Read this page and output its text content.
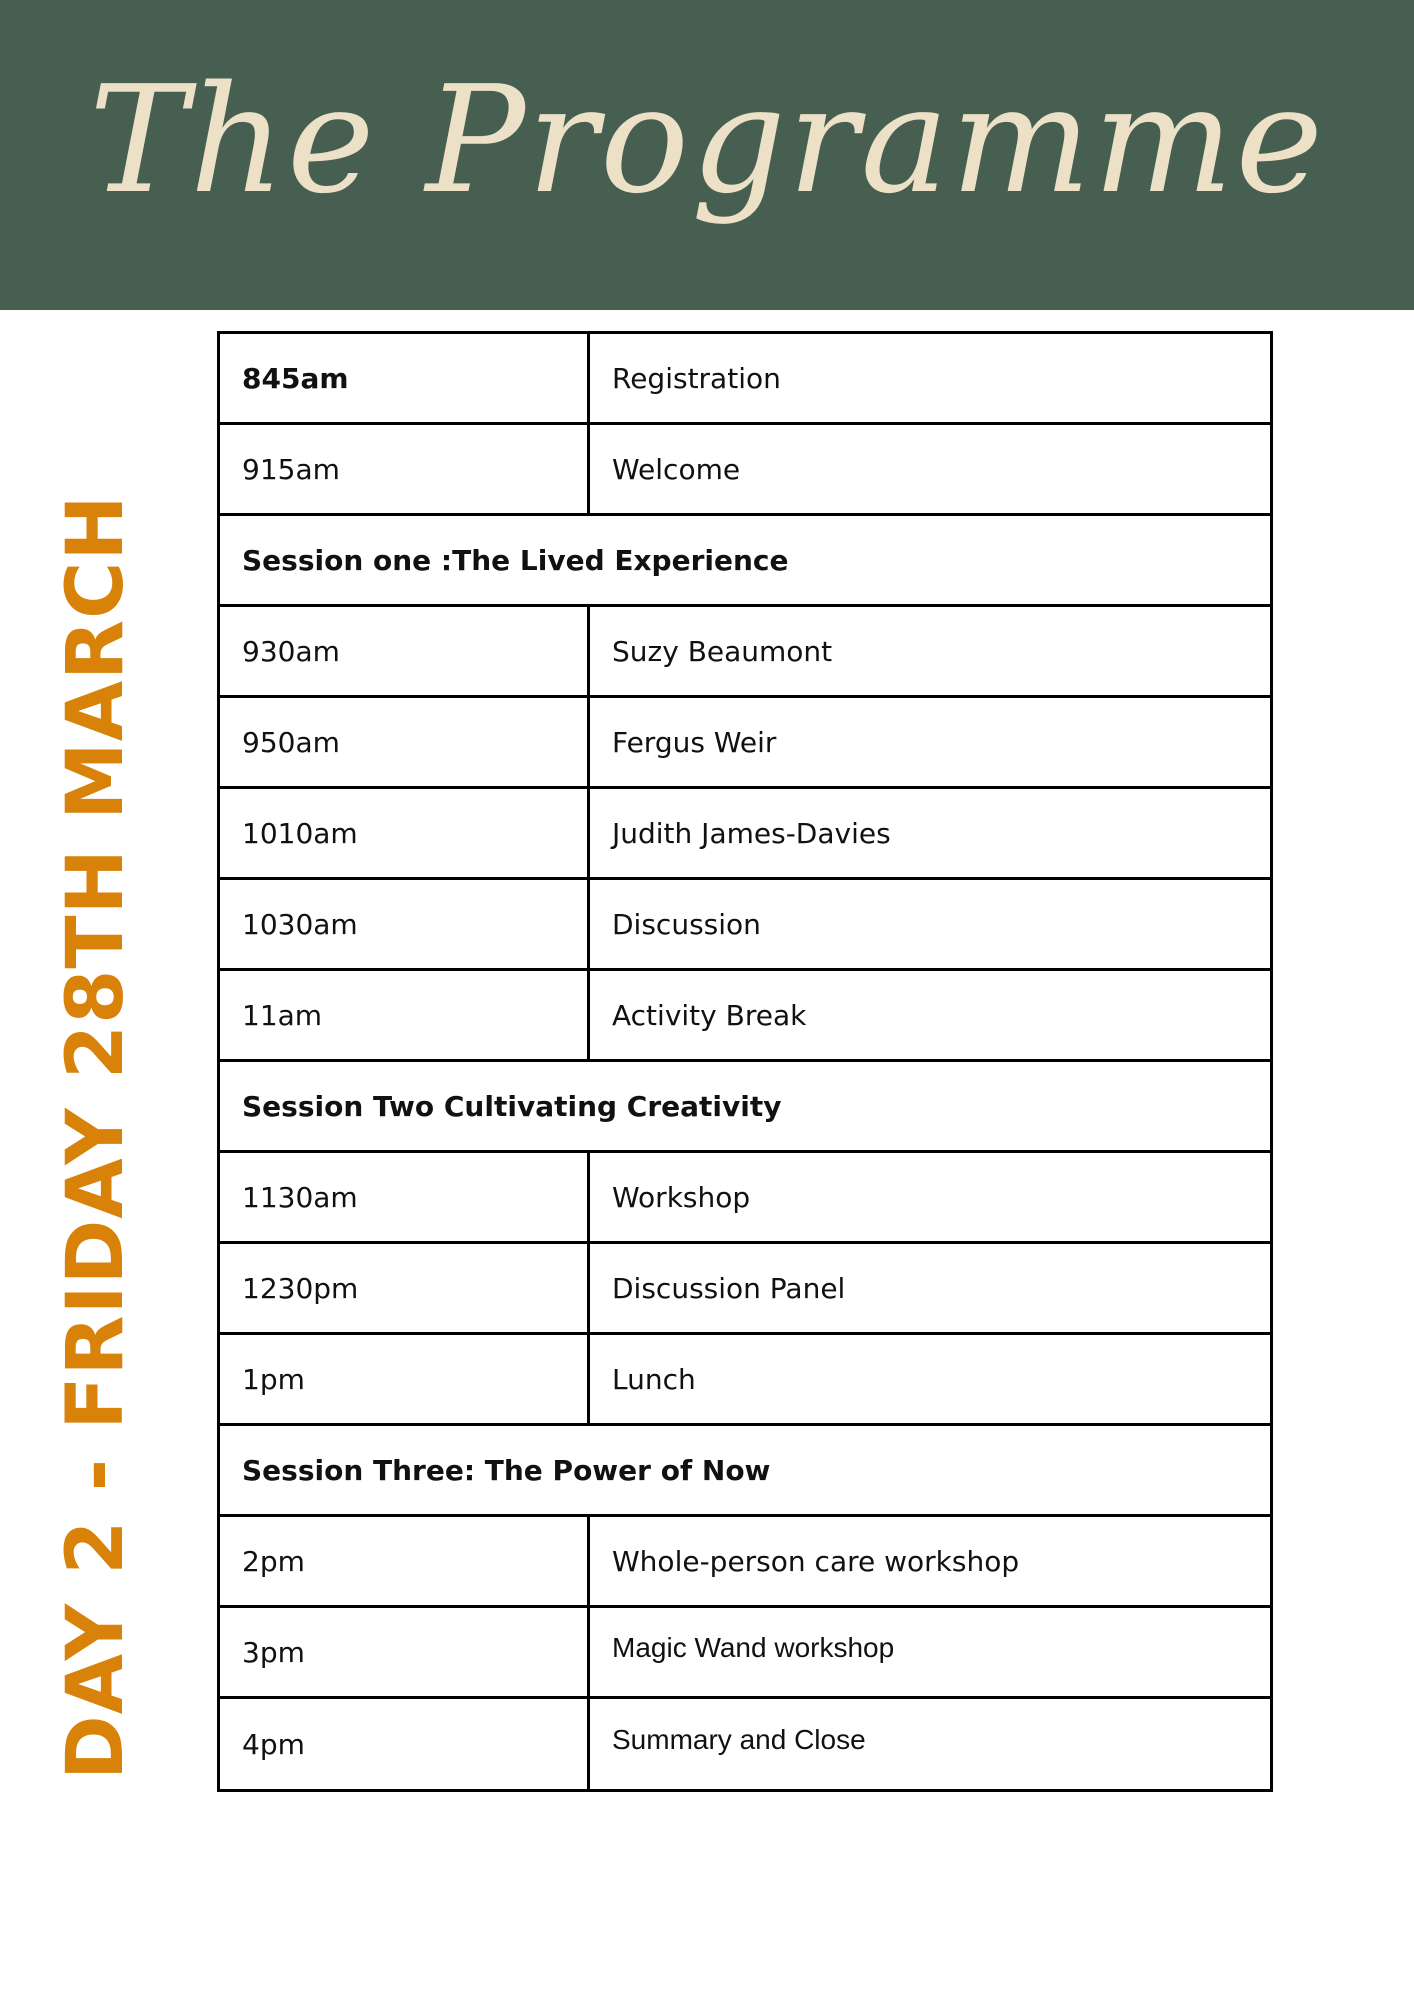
The Programme
DAY 2 - FRIDAY 28TH MARCH
845am	Registration
915am	Welcome
Session one :The Lived Experience
930am	Suzy Beaumont
950am	Fergus Weir
1010am	Judith James-Davies
1030am	Discussion
11am	Activity Break
Session Two Cultivating Creativity
1130am	Workshop
1230pm	Discussion Panel
1pm	Lunch
Session Three: The Power of Now
2pm	Whole-person care workshop
3pm	Magic Wand workshop
4pm	Summary and Close
